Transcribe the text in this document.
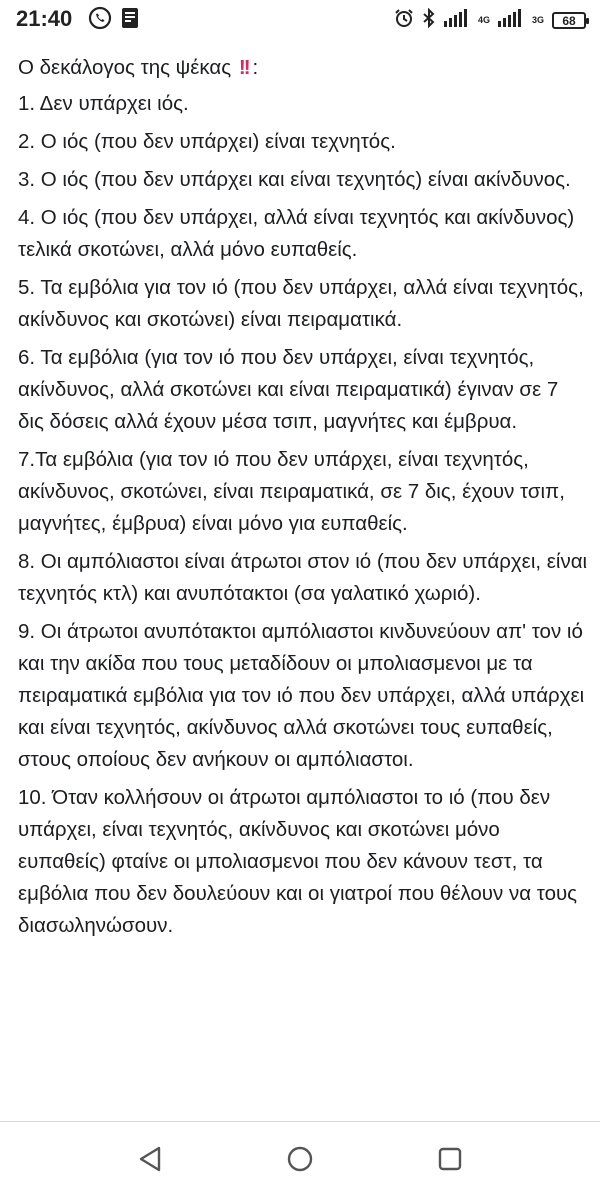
21:40	4G	3G 68
Ο δεκάλογος της ψέκας !! :

1. Δεν υπάρχει ιός.

2. Ο ιός (που δεν υπάρχει) είναι τεχνητός.

3. Ο ιός (που δεν υπάρχει και είναι τεχνητός) είναι ακίνδυνος.

4. Ο ιός (που δεν υπάρχει, αλλά είναι τεχνητός και ακίνδυνος) τελικά σκοτώνει, αλλά μόνο ευπαθείς.

5. Τα εμβόλια για τον ιό (που δεν υπάρχει, αλλά είναι τεχνητός, ακίνδυνος και σκοτώνει) είναι πειραματικά.

6. Τα εμβόλια (για τον ιό που δεν υπάρχει, είναι τεχνητός, ακίνδυνος, αλλά σκοτώνει και είναι πειραματικά) έγιναν σε 7 δις δόσεις αλλά έχουν μέσα τσιπ, μαγνήτες και έμβρυα.

7.Τα εμβόλια (για τον ιό που δεν υπάρχει, είναι τεχνητός, ακίνδυνος, σκοτώνει, είναι πειραματικά, σε 7 δις, έχουν τσιπ, μαγνήτες, έμβρυα) είναι μόνο για ευπαθείς.

8. Οι αμπόλιαστοι είναι άτρωτοι στον ιό (που δεν υπάρχει, είναι τεχνητός κτλ) και ανυπότακτοι (σα γαλατικό χωριό).

9. Οι άτρωτοι ανυπότακτοι αμπόλιαστοι κινδυνεύουν απ' τον ιό και την ακίδα που τους μεταδίδουν οι μπολιασμενοι με τα πειραματικά εμβόλια για τον ιό που δεν υπάρχει, αλλά υπάρχει και είναι τεχνητός, ακίνδυνος αλλά σκοτώνει τους ευπαθείς, στους οποίους δεν ανήκουν οι αμπόλιαστοι.

10. Όταν κολλήσουν οι άτρωτοι αμπόλιαστοι το ιό (που δεν υπάρχει, είναι τεχνητός, ακίνδυνος και σκοτώνει μόνο ευπαθείς) φταίνε οι μπολιασμενοι που δεν κάνουν τεστ, τα εμβόλια που δεν δουλεύουν και οι γιατροί που θέλουν να τους διασωληνώσουν.
